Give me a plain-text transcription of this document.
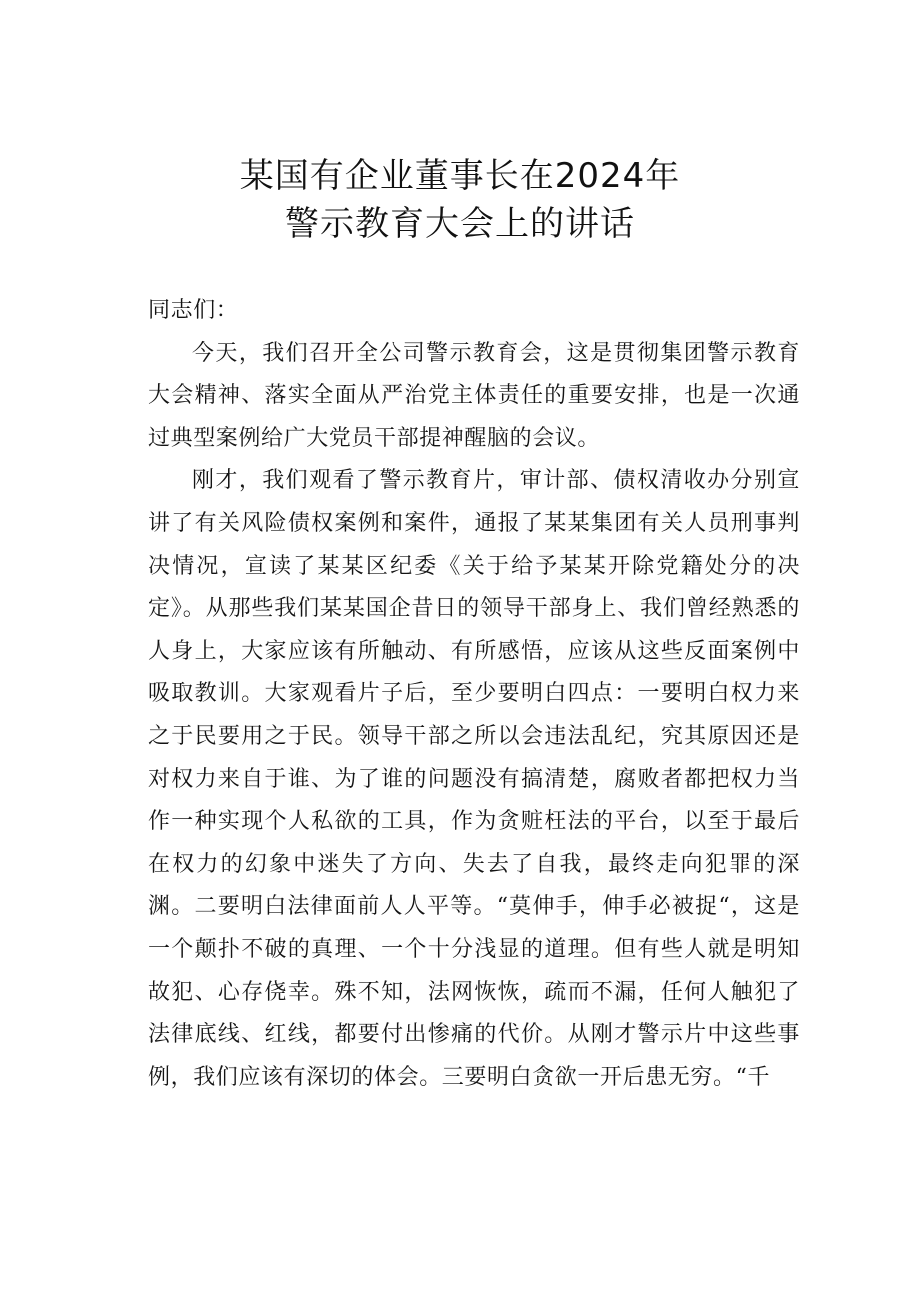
某国有企业董事长在2024年
警示教育大会上的讲话

同志们：

今天，我们召开全公司警示教育会，这是贯彻集团警示教育大会精神、落实全面从严治党主体责任的重要安排，也是一次通过典型案例给广大党员干部提神醒脑的会议。

刚才，我们观看了警示教育片，审计部、债权清收办分别宣讲了有关风险债权案例和案件，通报了某某集团有关人员刑事判决情况，宣读了某某区纪委《关于给予某某开除党籍处分的决定》。从那些我们某某国企昔日的领导干部身上、我们曾经熟悉的人身上，大家应该有所触动、有所感悟，应该从这些反面案例中吸取教训。大家观看片子后，至少要明白四点：一要明白权力来之于民要用之于民。领导干部之所以会违法乱纪，究其原因还是对权力来自于谁、为了谁的问题没有搞清楚，腐败者都把权力当作一种实现个人私欲的工具，作为贪赃枉法的平台，以至于最后在权力的幻象中迷失了方向、失去了自我，最终走向犯罪的深渊。二要明白法律面前人人平等。“莫伸手，伸手必被捉“，这是一个颠扑不破的真理、一个十分浅显的道理。但有些人就是明知故犯、心存侥幸。殊不知，法网恢恢，疏而不漏，任何人触犯了法律底线、红线，都要付出惨痛的代价。从刚才警示片中这些事例，我们应该有深切的体会。三要明白贪欲一开后患无穷。“千
